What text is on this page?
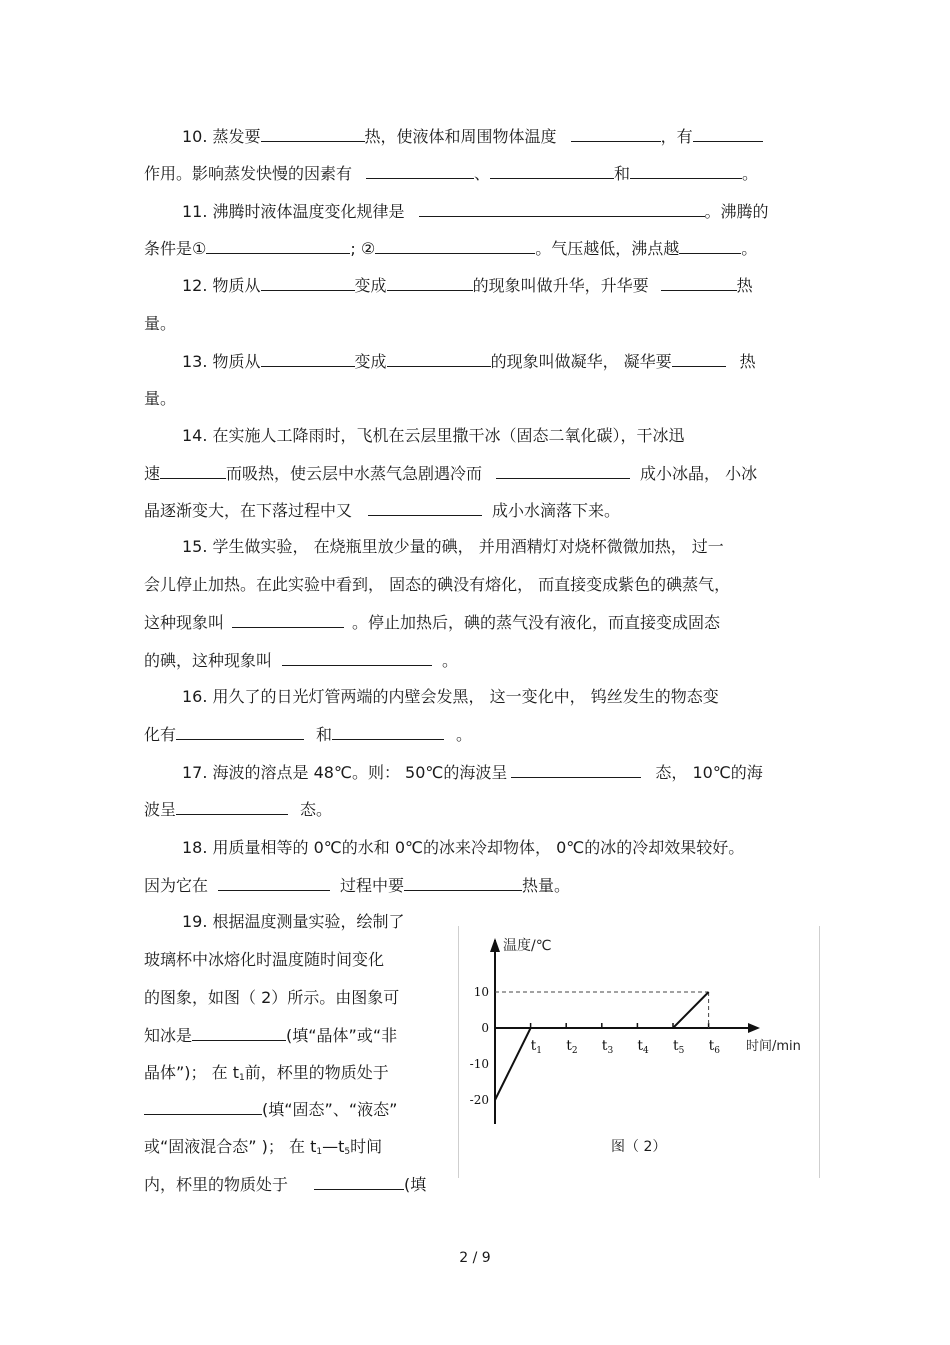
10. 蒸发要	热，使液体和周围物体温度	，有
作用。影响蒸发快慢的因素有	、	和	。
11. 沸腾时液体温度变化规律是	。沸腾的
条件是①	; ②	。气压越低，沸点越	。
12. 物质从	变成	的现象叫做升华，升华要	热
量。
13. 物质从	变成	的现象叫做凝华， 凝华要	热
量。
14. 在实施人工降雨时，飞机在云层里撒干冰（固态二氧化碳），干冰迅
速	而吸热，使云层中水蒸气急剧遇冷而	成小冰晶， 小冰
晶逐渐变大，在下落过程中又	成小水滴落下来。
15. 学生做实验， 在烧瓶里放少量的碘， 并用酒精灯对烧杯微微加热， 过一
会儿停止加热。在此实验中看到， 固态的碘没有熔化， 而直接变成紫色的碘蒸气，
这种现象叫	。停止加热后，碘的蒸气没有液化，而直接变成固态
的碘，这种现象叫	。
16. 用久了的日光灯管两端的内壁会发黑， 这一变化中， 钨丝发生的物态变
化有	和	。
17. 海波的溶点是 48℃。则： 50℃的海波呈	态， 10℃的海
波呈	态。
18. 用质量相等的 0℃的水和 0℃的冰来冷却物体， 0℃的冰的冷却效果较好。
因为它在	过程中要	热量。
19. 根据温度测量实验，绘制了
玻璃杯中冰熔化时温度随时间变化
的图象，如图（ 2）所示。由图象可
知冰是	(填“晶体”或“非
晶体”)； 在 $t_1$前，杯里的物质处于
(填“固态”、“液态”
或“固液混合态” )； 在 $t_1—t_5$时间
内，杯里的物质处于	(填
$t_1$ $t_2$ $t_3$ $t_4$ $t_5$ $t_6$
10
0
-10
-20
温度/℃
时间/min
图（ 2）
2 / 9
